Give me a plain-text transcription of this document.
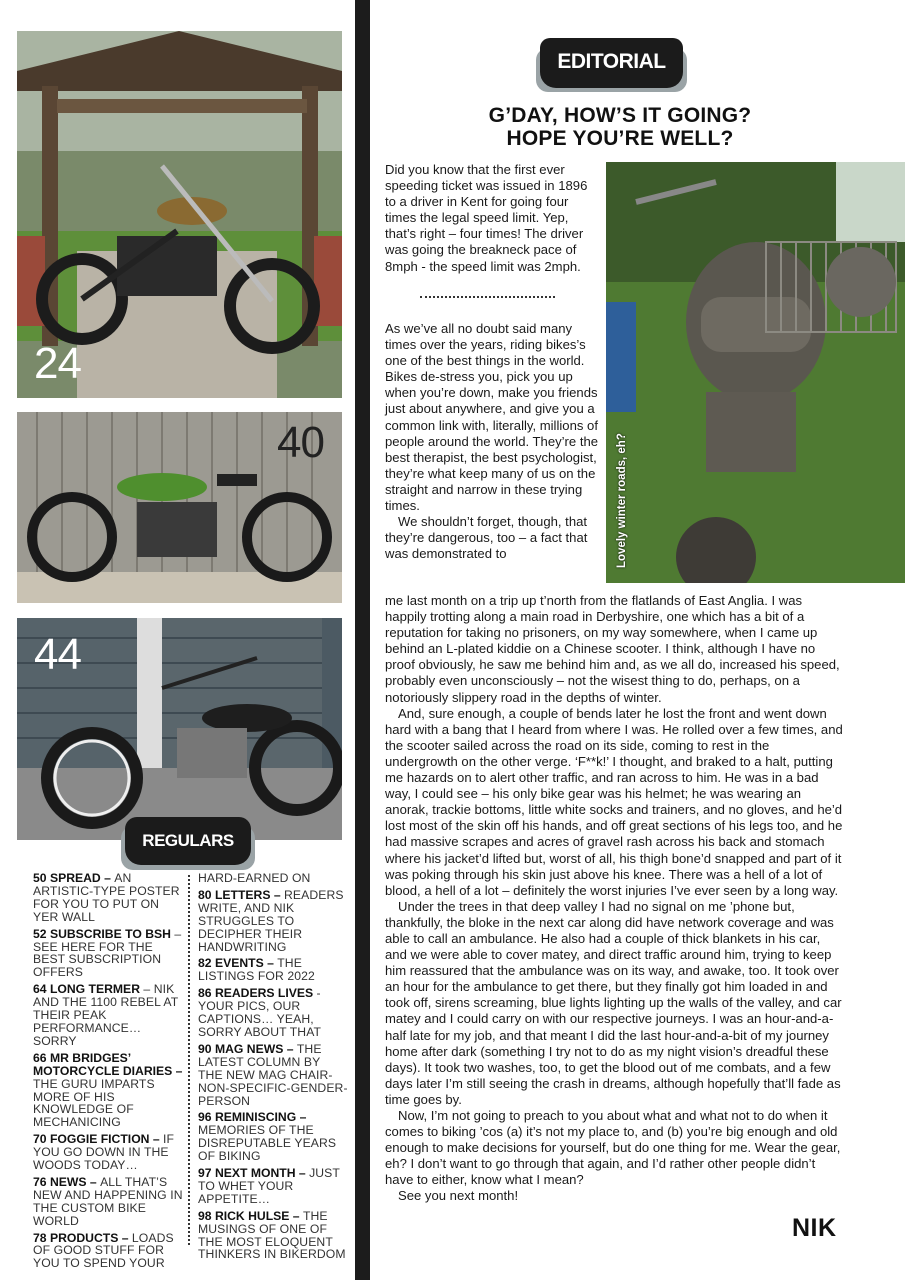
24
40
44
REGULARS
50 SPREAD – AN ARTISTIC-TYPE POSTER FOR YOU TO PUT ON YER WALL
52 SUBSCRIBE TO BSH – SEE HERE FOR THE BEST SUBSCRIPTION OFFERS
64 LONG TERMER – NIK AND THE 1100 REBEL AT THEIR PEAK PERFORMANCE… SORRY
66 MR BRIDGES’ MOTORCYCLE DIARIES – THE GURU IMPARTS MORE OF HIS KNOWLEDGE OF MECHANICING
70 FOGGIE FICTION – IF YOU GO DOWN IN THE WOODS TODAY…
76 NEWS – ALL THAT’S NEW AND HAPPENING IN THE CUSTOM BIKE WORLD
78 PRODUCTS – LOADS OF GOOD STUFF FOR YOU TO SPEND YOUR
HARD-EARNED ON
80 LETTERS – READERS WRITE, AND NIK STRUGGLES TO DECIPHER THEIR HANDWRITING
82 EVENTS – THE LISTINGS FOR 2022
86 READERS LIVES - YOUR PICS, OUR CAPTIONS… YEAH, SORRY ABOUT THAT
90 MAG NEWS – THE LATEST COLUMN BY THE NEW MAG CHAIR-NON-SPECIFIC-GENDER-PERSON
96 REMINISCING – MEMORIES OF THE DISREPUTABLE YEARS OF BIKING
97 NEXT MONTH – JUST TO WHET YOUR APPETITE…
98 RICK HULSE – THE MUSINGS OF ONE OF THE MOST ELOQUENT THINKERS IN BIKERDOM
EDITORIAL
G’DAY, HOW’S IT GOING?
HOPE YOU’RE WELL?
Lovely winter roads, eh?

Did you know that the first ever speeding ticket was issued in 1896 to a driver in Kent for going four times the legal speed limit. Yep, that’s right – four times! The driver was going the breakneck pace of 8mph - the speed limit was 2mph.

As we’ve all no doubt said many times over the years, riding bikes’s one of the best things in the world. Bikes de-stress you, pick you up when you’re down, make you friends just about anywhere, and give you a common link with, literally, millions of people around the world. They’re the best therapist, the best psychologist, they’re what keep many of us on the straight and narrow in these trying times.

We shouldn’t forget, though, that they’re dangerous, too – a fact that was demonstrated to

me last month on a trip up t’north from the flatlands of East Anglia. I was happily trotting along a main road in Derbyshire, one which has a bit of a reputation for taking no prisoners, on my way somewhere, when I came up behind an L-plated kiddie on a Chinese scooter. I think, although I have no proof obviously, he saw me behind him and, as we all do, increased his speed, probably even unconsciously – not the wisest thing to do, perhaps, on a notoriously slippery road in the depths of winter.

And, sure enough, a couple of bends later he lost the front and went down hard with a bang that I heard from where I was. He rolled over a few times, and the scooter sailed across the road on its side, coming to rest in the undergrowth on the other verge. ‘F**k!’ I thought, and braked to a halt, putting me hazards on to alert other traffic, and ran across to him. He was in a bad way, I could see – his only bike gear was his helmet; he was wearing an anorak, trackie bottoms, little white socks and trainers, and no gloves, and he’d lost most of the skin off his hands, and off great sections of his legs too, and he had massive scrapes and acres of gravel rash across his back and stomach where his jacket’d lifted but, worst of all, his thigh bone’d snapped and part of it was poking through his skin just above his knee. There was a hell of a lot of blood, a hell of a lot – definitely the worst injuries I’ve ever seen by a long way.

Under the trees in that deep valley I had no signal on me ’phone but, thankfully, the bloke in the next car along did have network coverage and was able to call an ambulance. He also had a couple of thick blankets in his car, and we were able to cover matey, and direct traffic around him, trying to keep him reassured that the ambulance was on its way, and awake, too. It took over an hour for the ambulance to get there, but they finally got him loaded in and took off, sirens screaming, blue lights lighting up the walls of the valley, and car matey and I could carry on with our respective journeys. I was an hour-and-a-half late for my job, and that meant I did the last hour-and-a-bit of my journey home after dark (something I try not to do as my night vision’s dreadful these days). It took two washes, too, to get the blood out of me combats, and a few days later I’m still seeing the crash in dreams, although hopefully that’ll fade as time goes by.

Now, I’m not going to preach to you about what and what not to do when it comes to biking ’cos (a) it’s not my place to, and (b) you’re big enough and old enough to make decisions for yourself, but do one thing for me. Wear the gear, eh? I don’t want to go through that again, and I’d rather other people didn’t have to either, know what I mean?

See you next month!

NIK
